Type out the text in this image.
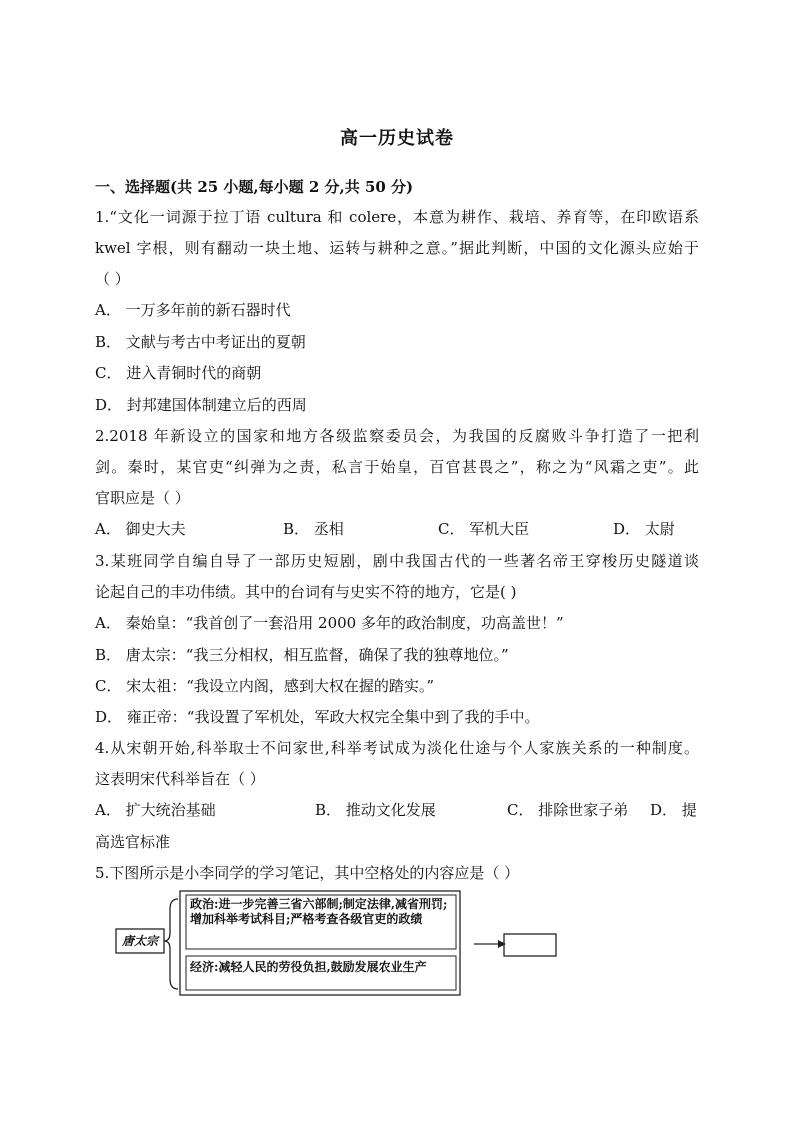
高一历史试卷
一、选择题(共 25 小题,每小题 2 分,共 50 分)
1.“文化一词源于拉丁语 cultura 和 colere，本意为耕作、栽培、养育等，在印欧语系
kwel 字根，则有翻动一块土地、运转与耕种之意。”据此判断，中国的文化源头应始于
（ ）
A． 一万多年前的新石器时代
B． 文献与考古中考证出的夏朝
C． 进入青铜时代的商朝
D． 封邦建国体制建立后的西周
2.2018 年新设立的国家和地方各级监察委员会，为我国的反腐败斗争打造了一把利
剑。秦时，某官吏“纠弹为之责，私言于始皇，百官甚畏之”，称之为“风霜之吏”。此
官职应是（ ）
A． 御史大夫	B． 丞相	C． 军机大臣	D． 太尉
3.某班同学自编自导了一部历史短剧，剧中我国古代的一些著名帝王穿梭历史隧道谈
论起自己的丰功伟绩。其中的台词有与史实不符的地方，它是( )
A． 秦始皇：“我首创了一套沿用 2000 多年的政治制度，功高盖世！”
B． 唐太宗：“我三分相权，相互监督，确保了我的独尊地位。”
C． 宋太祖：“我设立内阁，感到大权在握的踏实。”
D． 雍正帝：“我设置了军机处，军政大权完全集中到了我的手中。
4.从宋朝开始,科举取士不问家世,科举考试成为淡化仕途与个人家族关系的一种制度。
这表明宋代科举旨在（ ）
A． 扩大统治基础	B． 推动文化发展	C． 排除世家子弟 D． 提
高选官标准
5.下图所示是小李同学的学习笔记，其中空格处的内容应是（ ）
唐太宗
政治:进一步完善三省六部制;制定法律,减省刑罚;增加科举考试科目;严格考查各级官吏的政绩
经济:减轻人民的劳役负担,鼓励发展农业生产
